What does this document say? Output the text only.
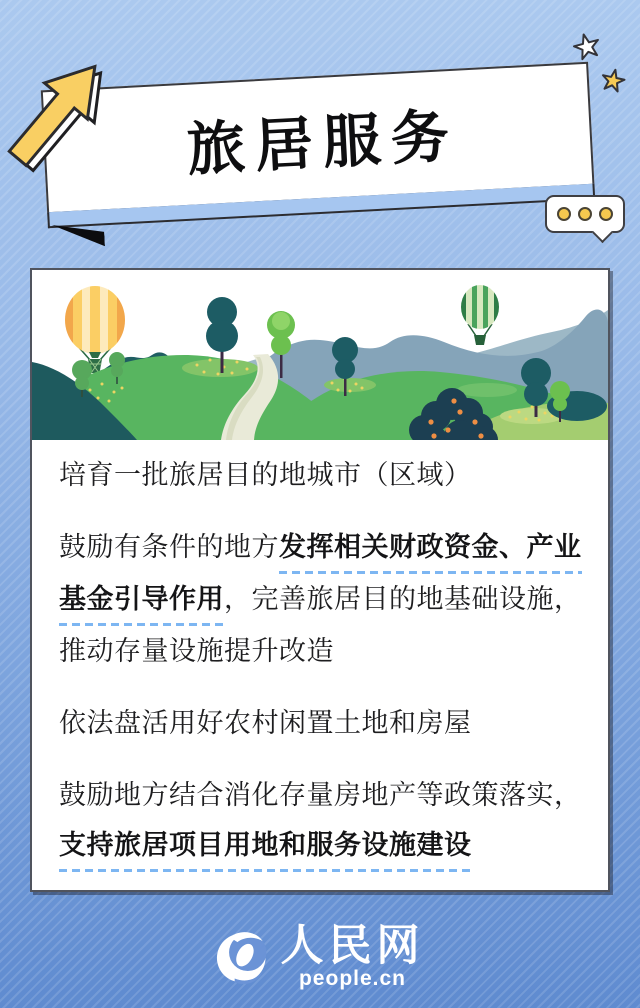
旅居服务
培育一批旅居目的地城市（区域）
鼓励有条件的地方发挥相关财政资金、产业
基金引导作用，完善旅居目的地基础设施，
推动存量设施提升改造
依法盘活用好农村闲置土地和房屋
鼓励地方结合消化存量房地产等政策落实，
支持旅居项目用地和服务设施建设
人民网
people.cn
